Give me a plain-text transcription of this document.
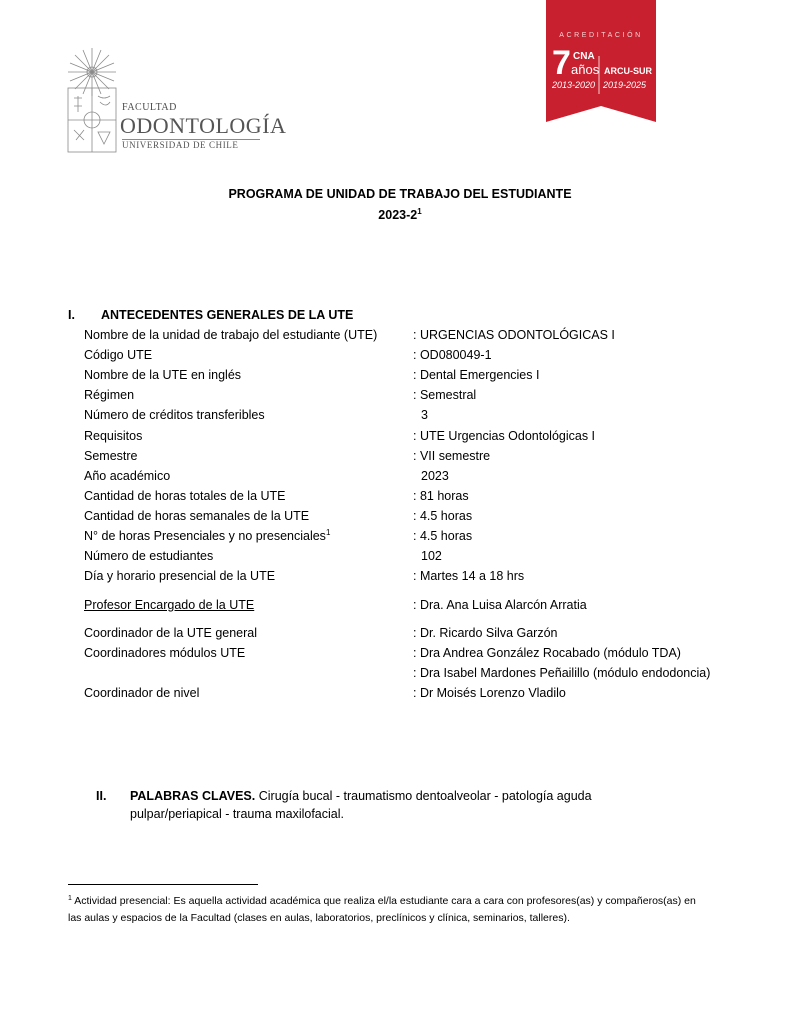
FACULTAD
ODONTOLOGÍA
UNIVERSIDAD DE CHILE
ACREDITACIÓN
7 CNA
años
2013-2020
ARCU-SUR
2019-2025
PROGRAMA DE UNIDAD DE TRABAJO DEL ESTUDIANTE
$2023-2^1$
I. ANTECEDENTES GENERALES DE LA UTE
Nombre de la unidad de trabajo del estudiante (UTE)	: URGENCIAS ODONTOLÓGICAS I
Código UTE	: OD080049-1
Nombre de la UTE en inglés	: Dental Emergencies I
Régimen	: Semestral
Número de créditos transferibles	3
Requisitos	: UTE Urgencias Odontológicas I
Semestre	: VII semestre
Año académico	2023
Cantidad de horas totales de la UTE	: 81 horas
Cantidad de horas semanales de la UTE	: 4.5 horas
N° de horas Presenciales y no presenciales$^1$	: 4.5 horas
Número de estudiantes	102
Día y horario presencial de la UTE	: Martes 14 a 18 hrs
Profesor Encargado de la UTE	: Dra. Ana Luisa Alarcón Arratia
Coordinador de la UTE general	: Dr. Ricardo Silva Garzón
Coordinadores módulos UTE	: Dra Andrea González Rocabado (módulo TDA)
: Dra Isabel Mardones Peñailillo (módulo endodoncia)
Coordinador de nivel	: Dr Moisés Lorenzo Vladilo
II. PALABRAS CLAVES. Cirugía bucal - traumatismo dentoalveolar - patología aguda
pulpar/periapical - trauma maxilofacial.
$^1$ Actividad presencial: Es aquella actividad académica que realiza el/la estudiante cara a cara con profesores(as) y compañeros(as) en las aulas y espacios de la Facultad (clases en aulas, laboratorios, preclínicos y clínica, seminarios, talleres).
